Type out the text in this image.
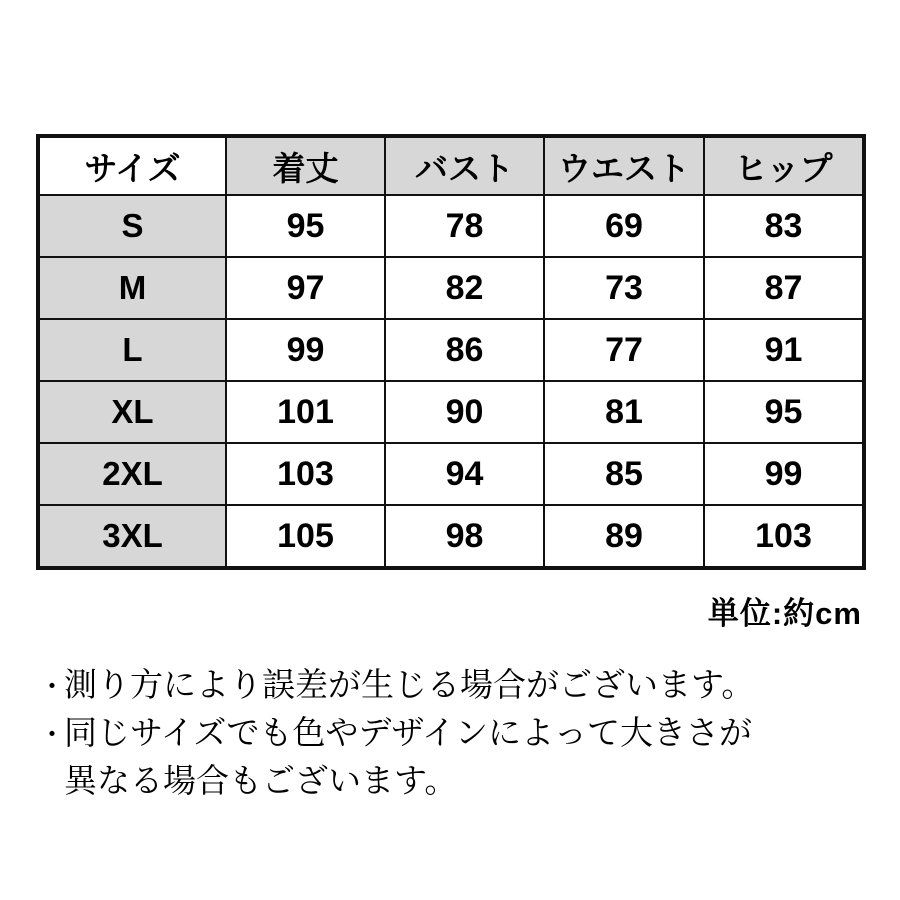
サイズ	着丈	バスト	ウエスト	ヒップ
S	95	78	69	83
M	97	82	73	87
L	99	86	77	91
XL	101	90	81	95
2XL	103	94	85	99
3XL	105	98	89	103
単位:約cm
・測り方により誤差が生じる場合がございます。
・同じサイズでも色やデザインによって大きさが
異なる場合もございます。
